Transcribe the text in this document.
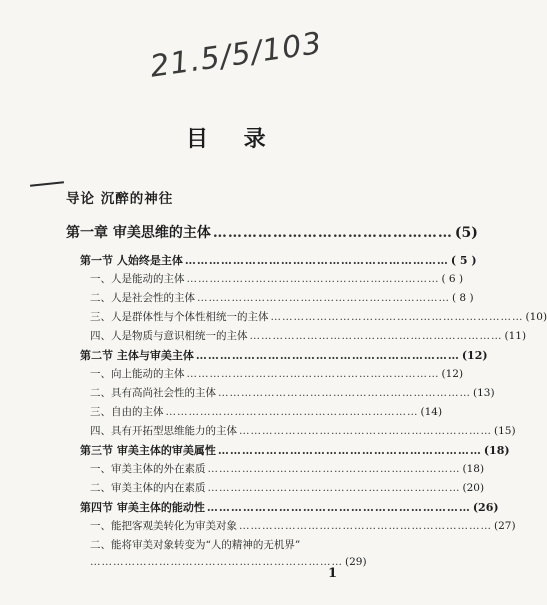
21.5/5/103
目 录
导论 沉醉的神往
第一章 审美思维的主体 ………………………………………… (5)
第一节 人始终是主体 ………………………………………………………… ( 5 )
一、人是能动的主体 ………………………………………………………… ( 6 )
二、人是社会性的主体 ………………………………………………………… ( 8 )
三、人是群体性与个体性相统一的主体 ………………………………………………………… (10)
四、人是物质与意识相统一的主体 ………………………………………………………… (11)
第二节 主体与审美主体 ………………………………………………………… (12)
一、向上能动的主体 ………………………………………………………… (12)
二、具有高尚社会性的主体 ………………………………………………………… (13)
三、自由的主体 ………………………………………………………… (14)
四、具有开拓型思维能力的主体 ………………………………………………………… (15)
第三节 审美主体的审美属性 ………………………………………………………… (18)
一、审美主体的外在素质 ………………………………………………………… (18)
二、审美主体的内在素质 ………………………………………………………… (20)
第四节 审美主体的能动性 ………………………………………………………… (26)
一、能把客观美转化为审美对象 ………………………………………………………… (27)
二、能将审美对象转变为“人的精神的无机界”
………………………………………………………… (29)
1
